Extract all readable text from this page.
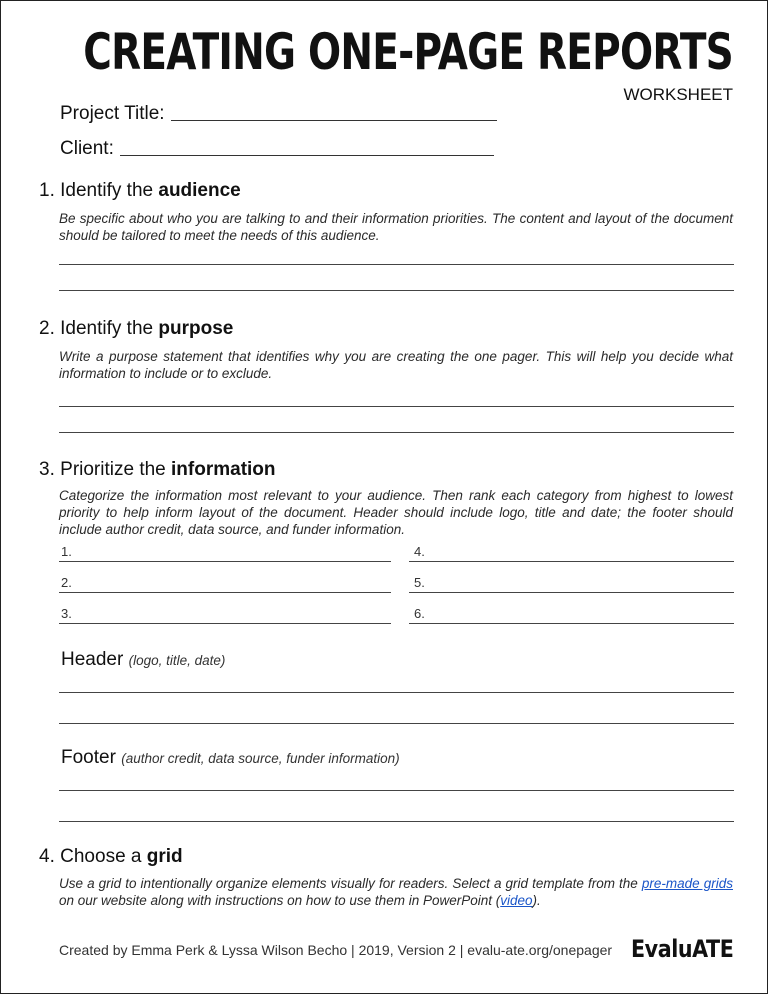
CREATING ONE-PAGE REPORTS
WORKSHEET
Project Title:
Client:
1. Identify the audience
Be specific about who you are talking to and their information priorities. The content and layout of the document should be tailored to meet the needs of this audience.
2. Identify the purpose
Write a purpose statement that identifies why you are creating the one pager. This will help you decide what information to include or to exclude.
3. Prioritize the information
Categorize the information most relevant to your audience. Then rank each category from highest to lowest priority to help inform layout of the document. Header should include logo, title and date; the footer should include author credit, data source, and funder information.
1.
2.
3.
4.
5.
6.
Header (logo, title, date)
Footer (author credit, data source, funder information)
4. Choose a grid
Use a grid to intentionally organize elements visually for readers. Select a grid template from the pre-made grids on our website along with instructions on how to use them in PowerPoint (video).
Created by Emma Perk & Lyssa Wilson Becho | 2019, Version 2 | evalu-ate.org/onepager EvaluATE
